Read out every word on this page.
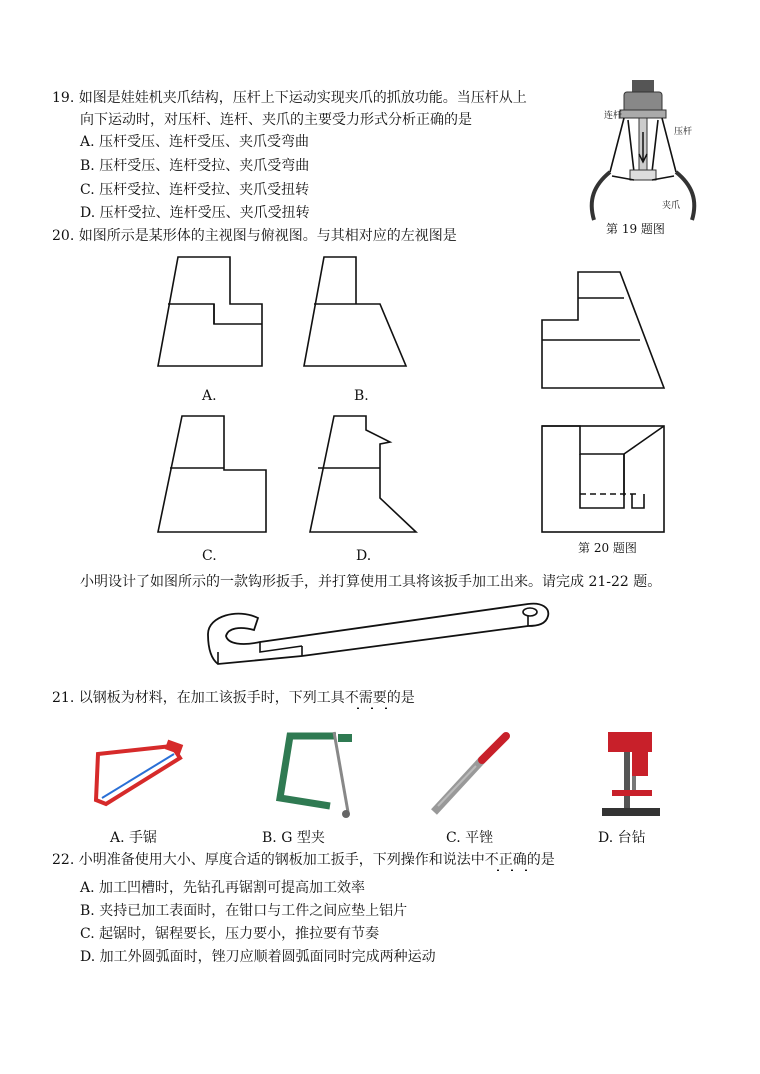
19. 如图是娃娃机夹爪结构，压杆上下运动实现夹爪的抓放功能。当压杆从上
向下运动时，对压杆、连杆、夹爪的主要受力形式分析正确的是
A. 压杆受压、连杆受压、夹爪受弯曲
B. 压杆受压、连杆受拉、夹爪受弯曲
C. 压杆受拉、连杆受拉、夹爪受扭转
D. 压杆受拉、连杆受压、夹爪受扭转
连杆
压杆
夹爪
第 19 题图
20. 如图所示是某形体的主视图与俯视图。与其相对应的左视图是
A.	B.
C.	D.	第 20 题图
小明设计了如图所示的一款钩形扳手，并打算使用工具将该扳手加工出来。请完成 21-22 题。
21. 以钢板为材料，在加工该扳手时，下列工具不需要的是
A. 手锯	B. G 型夹	C. 平锉	D. 台钻
22. 小明准备使用大小、厚度合适的钢板加工扳手，下列操作和说法中不正确的是
A. 加工凹槽时，先钻孔再锯割可提高加工效率
B. 夹持已加工表面时，在钳口与工件之间应垫上铝片
C. 起锯时，锯程要长，压力要小，推拉要有节奏
D. 加工外圆弧面时，锉刀应顺着圆弧面同时完成两种运动
